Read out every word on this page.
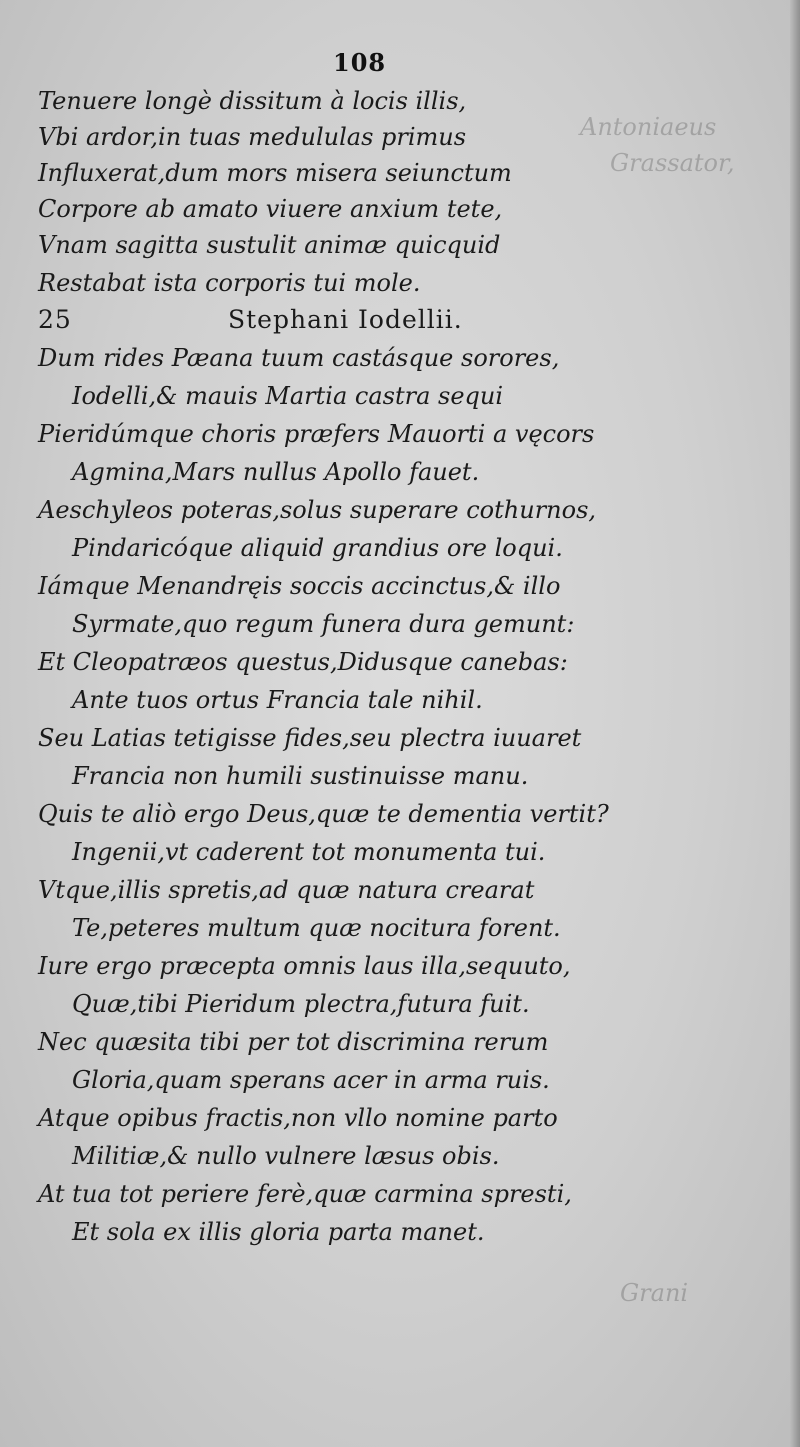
Antoniaeus
Grassator,
Grani
108
Tenuere longè dissitum à locis illis,
Vbi ardor,in tuas medululas primus
Influxerat,dum mors misera seiunctum
Corpore ab amato viuere anxium tete,
Vnam sagitta sustulit animæ quicquid
Restabat ista corporis tui mole.
25	Stephani Iodellii.
Dum rides Pæana tuum castásque sorores,
Iodelli,& mauis Martia castra sequi
Pieridúmque choris præfers Mauorti a vęcors
Agmina,Mars nullus Apollo fauet.
Aeschyleos poteras,solus superare cothurnos,
Pindaricóque aliquid grandius ore loqui.
Iámque Menandręis soccis accinctus,& illo
Syrmate,quo regum funera dura gemunt:
Et Cleopatræos questus,Didusque canebas:
Ante tuos ortus Francia tale nihil.
Seu Latias tetigisse fides,seu plectra iuuaret
Francia non humili sustinuisse manu.
Quis te aliò ergo Deus,quæ te dementia vertit?
Ingenii,vt caderent tot monumenta tui.
Vtque,illis spretis,ad quæ natura crearat
Te,peteres multum quæ nocitura forent.
Iure ergo præcepta omnis laus illa,sequuto,
Quæ,tibi Pieridum plectra,futura fuit.
Nec quæsita tibi per tot discrimina rerum
Gloria,quam sperans acer in arma ruis.
Atque opibus fractis,non vllo nomine parto
Militiæ,& nullo vulnere læsus obis.
At tua tot periere ferè,quæ carmina spresti,
Et sola ex illis gloria parta manet.
